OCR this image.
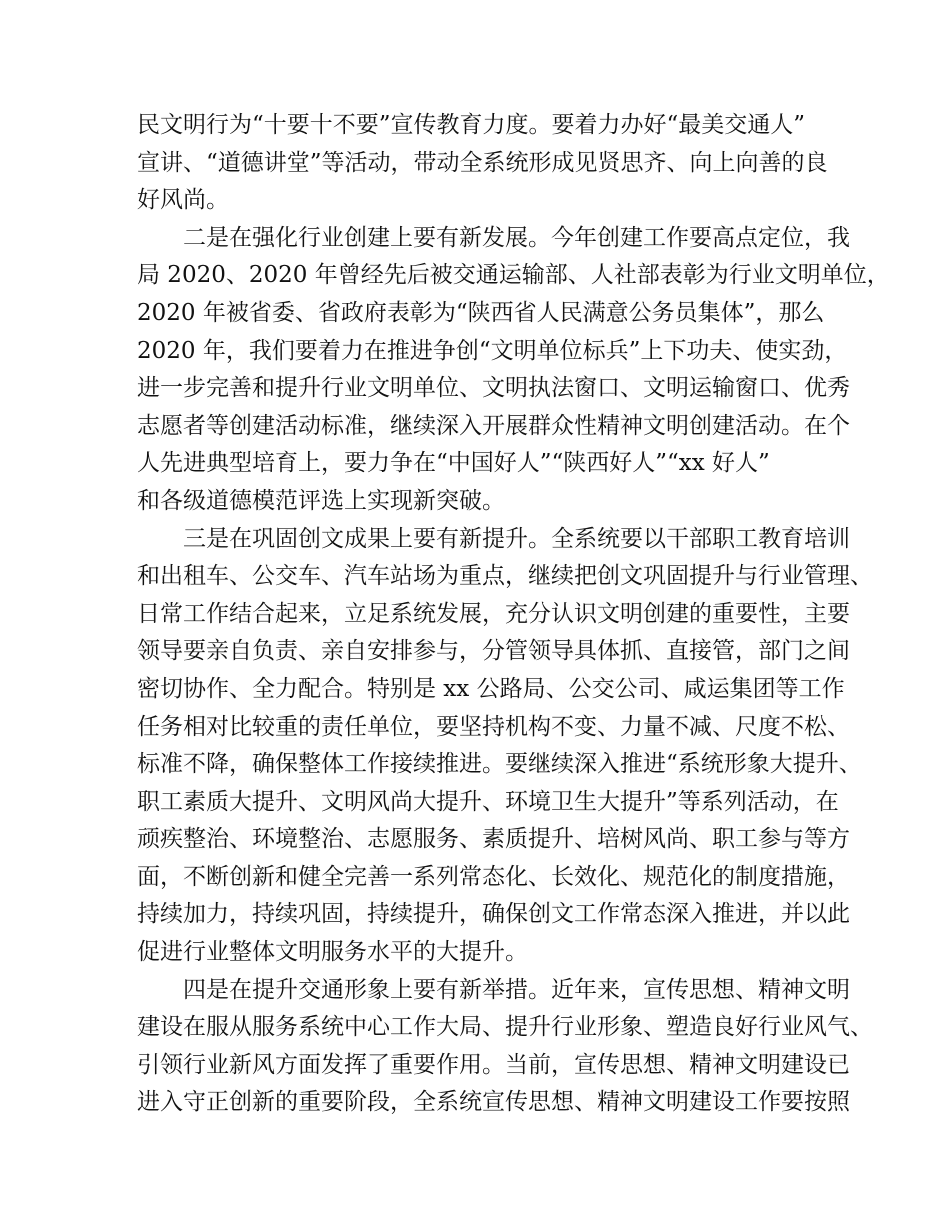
民文明行为“十要十不要”宣传教育力度。要着力办好“最美交通人”
宣讲、“道德讲堂”等活动，带动全系统形成见贤思齐、向上向善的良
好风尚。
二是在强化行业创建上要有新发展。今年创建工作要高点定位，我
局 2020、2020 年曾经先后被交通运输部、人社部表彰为行业文明单位，
2020 年被省委、省政府表彰为“陕西省人民满意公务员集体”，那么
2020 年，我们要着力在推进争创“文明单位标兵”上下功夫、使实劲，
进一步完善和提升行业文明单位、文明执法窗口、文明运输窗口、优秀
志愿者等创建活动标准，继续深入开展群众性精神文明创建活动。在个
人先进典型培育上，要力争在“中国好人”“陕西好人”“xx 好人”
和各级道德模范评选上实现新突破。
三是在巩固创文成果上要有新提升。全系统要以干部职工教育培训
和出租车、公交车、汽车站场为重点，继续把创文巩固提升与行业管理、
日常工作结合起来，立足系统发展，充分认识文明创建的重要性，主要
领导要亲自负责、亲自安排参与，分管领导具体抓、直接管，部门之间
密切协作、全力配合。特别是 xx 公路局、公交公司、咸运集团等工作
任务相对比较重的责任单位，要坚持机构不变、力量不减、尺度不松、
标准不降，确保整体工作接续推进。要继续深入推进“系统形象大提升、
职工素质大提升、文明风尚大提升、环境卫生大提升”等系列活动，在
顽疾整治、环境整治、志愿服务、素质提升、培树风尚、职工参与等方
面，不断创新和健全完善一系列常态化、长效化、规范化的制度措施，
持续加力，持续巩固，持续提升，确保创文工作常态深入推进，并以此
促进行业整体文明服务水平的大提升。
四是在提升交通形象上要有新举措。近年来，宣传思想、精神文明
建设在服从服务系统中心工作大局、提升行业形象、塑造良好行业风气、
引领行业新风方面发挥了重要作用。当前，宣传思想、精神文明建设已
进入守正创新的重要阶段，全系统宣传思想、精神文明建设工作要按照
